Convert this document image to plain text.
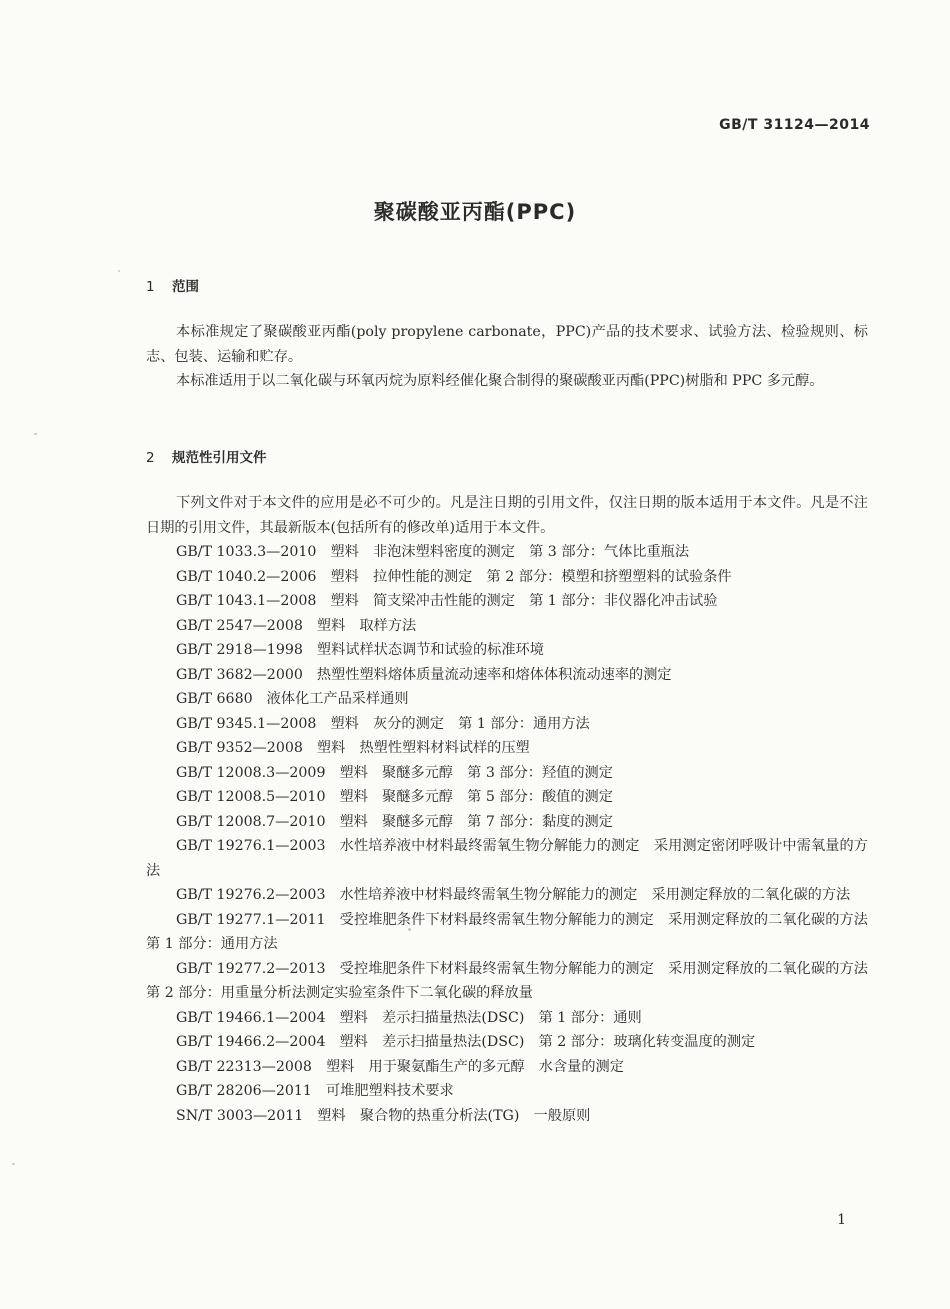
GB/T 31124—2014
聚碳酸亚丙酯(PPC)
1 范围

本标准规定了聚碳酸亚丙酯(poly propylene carbonate，PPC)产品的技术要求、试验方法、检验规则、标志、包装、运输和贮存。

本标准适用于以二氧化碳与环氧丙烷为原料经催化聚合制得的聚碳酸亚丙酯(PPC)树脂和 PPC 多元醇。

2 规范性引用文件

下列文件对于本文件的应用是必不可少的。凡是注日期的引用文件，仅注日期的版本适用于本文件。凡是不注日期的引用文件，其最新版本(包括所有的修改单)适用于本文件。

GB/T 1033.3—2010 塑料　非泡沫塑料密度的测定　第 3 部分：气体比重瓶法
GB/T 1040.2—2006 塑料　拉伸性能的测定　第 2 部分：模塑和挤塑塑料的试验条件
GB/T 1043.1—2008 塑料　简支梁冲击性能的测定　第 1 部分：非仪器化冲击试验
GB/T 2547—2008 塑料　取样方法
GB/T 2918—1998 塑料试样状态调节和试验的标准环境
GB/T 3682—2000 热塑性塑料熔体质量流动速率和熔体体积流动速率的测定
GB/T 6680 液体化工产品采样通则
GB/T 9345.1—2008 塑料　灰分的测定　第 1 部分：通用方法
GB/T 9352—2008 塑料　热塑性塑料材料试样的压塑
GB/T 12008.3—2009 塑料　聚醚多元醇　第 3 部分：羟值的测定
GB/T 12008.5—2010 塑料　聚醚多元醇　第 5 部分：酸值的测定
GB/T 12008.7—2010 塑料　聚醚多元醇　第 7 部分：黏度的测定
GB/T 19276.1—2003 水性培养液中材料最终需氧生物分解能力的测定　采用测定密闭呼吸计中需氧量的方法
GB/T 19276.2—2003 水性培养液中材料最终需氧生物分解能力的测定　采用测定释放的二氧化碳的方法
GB/T 19277.1—2011 受控堆肥条件下材料最终需氧生物分解能力的测定　采用测定释放的二氧化碳的方法　第 1 部分：通用方法
GB/T 19277.2—2013 受控堆肥条件下材料最终需氧生物分解能力的测定　采用测定释放的二氧化碳的方法　第 2 部分：用重量分析法测定实验室条件下二氧化碳的释放量
GB/T 19466.1—2004 塑料　差示扫描量热法(DSC)　第 1 部分：通则
GB/T 19466.2—2004 塑料　差示扫描量热法(DSC)　第 2 部分：玻璃化转变温度的测定
GB/T 22313—2008 塑料　用于聚氨酯生产的多元醇　水含量的测定
GB/T 28206—2011 可堆肥塑料技术要求
SN/T 3003—2011 塑料　聚合物的热重分析法(TG)　一般原则
1
